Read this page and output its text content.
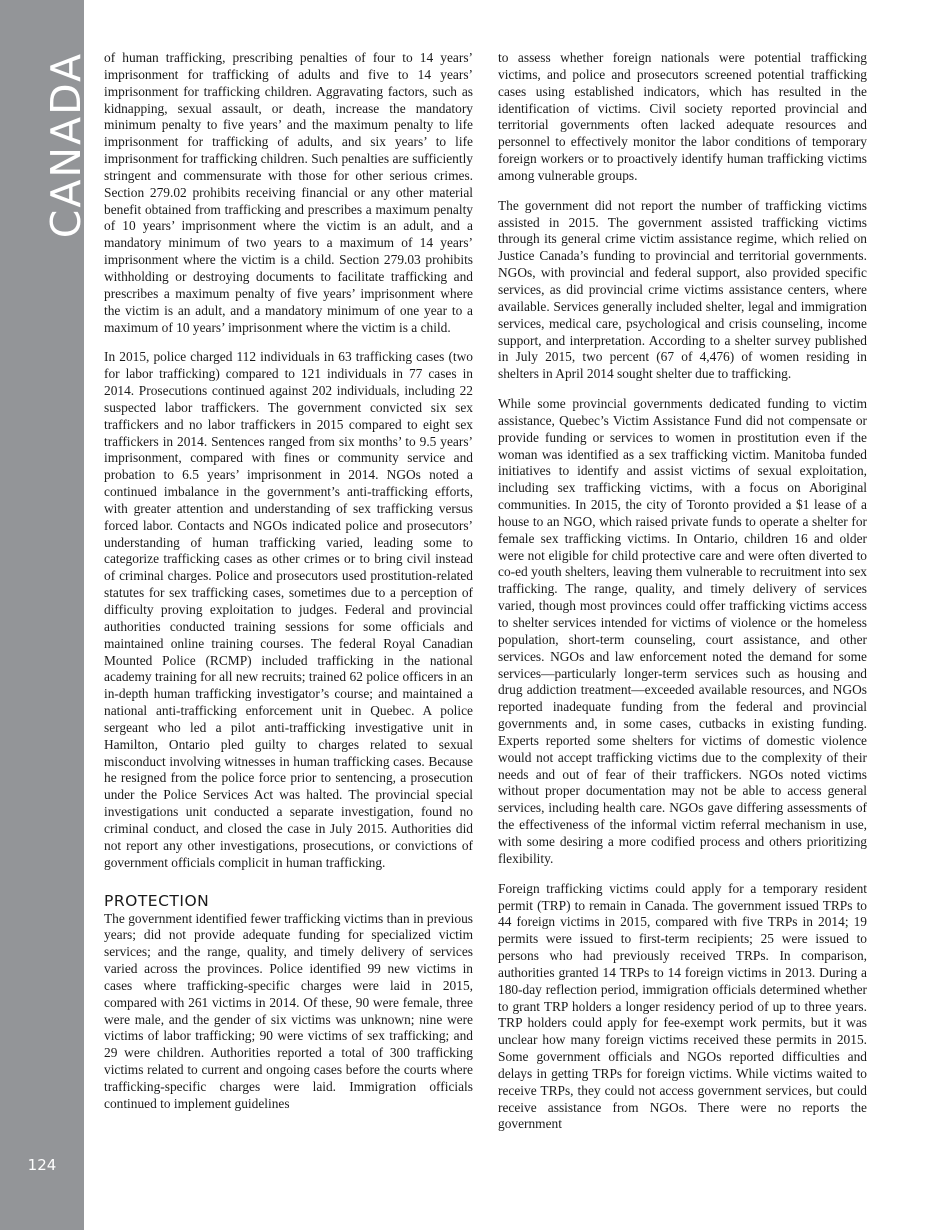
CANADA
124

of human trafficking, prescribing penalties of four to 14 years’ imprisonment for trafficking of adults and five to 14 years’ imprisonment for trafficking children. Aggravating factors, such as kidnapping, sexual assault, or death, increase the mandatory minimum penalty to five years’ and the maximum penalty to life imprisonment for trafficking of adults, and six years’ to life imprisonment for trafficking children. Such penalties are sufficiently stringent and commensurate with those for other serious crimes. Section 279.02 prohibits receiving financial or any other material benefit obtained from trafficking and prescribes a maximum penalty of 10 years’ imprisonment where the victim is an adult, and a mandatory minimum of two years to a maximum of 14 years’ imprisonment where the victim is a child. Section 279.03 prohibits withholding or destroying documents to facilitate trafficking and prescribes a maximum penalty of five years’ imprisonment where the victim is an adult, and a mandatory minimum of one year to a maximum of 10 years’ imprisonment where the victim is a child.

In 2015, police charged 112 individuals in 63 trafficking cases (two for labor trafficking) compared to 121 individuals in 77 cases in 2014. Prosecutions continued against 202 individuals, including 22 suspected labor traffickers. The government convicted six sex traffickers and no labor traffickers in 2015 compared to eight sex traffickers in 2014. Sentences ranged from six months’ to 9.5 years’ imprisonment, compared with fines or community service and probation to 6.5 years’ imprisonment in 2014. NGOs noted a continued imbalance in the government’s anti-trafficking efforts, with greater attention and understanding of sex trafficking versus forced labor. Contacts and NGOs indicated police and prosecutors’ understanding of human trafficking varied, leading some to categorize trafficking cases as other crimes or to bring civil instead of criminal charges. Police and prosecutors used prostitution-related statutes for sex trafficking cases, sometimes due to a perception of difficulty proving exploitation to judges. Federal and provincial authorities conducted training sessions for some officials and maintained online training courses. The federal Royal Canadian Mounted Police (RCMP) included trafficking in the national academy training for all new recruits; trained 62 police officers in an in-depth human trafficking investigator’s course; and maintained a national anti-trafficking enforcement unit in Quebec. A police sergeant who led a pilot anti-trafficking investigative unit in Hamilton, Ontario pled guilty to charges related to sexual misconduct involving witnesses in human trafficking cases. Because he resigned from the police force prior to sentencing, a prosecution under the Police Services Act was halted. The provincial special investigations unit conducted a separate investigation, found no criminal conduct, and closed the case in July 2015. Authorities did not report any other investigations, prosecutions, or convictions of government officials complicit in human trafficking.

PROTECTION

The government identified fewer trafficking victims than in previous years; did not provide adequate funding for specialized victim services; and the range, quality, and timely delivery of services varied across the provinces. Police identified 99 new victims in cases where trafficking-specific charges were laid in 2015, compared with 261 victims in 2014. Of these, 90 were female, three were male, and the gender of six victims was unknown; nine were victims of labor trafficking; 90 were victims of sex trafficking; and 29 were children. Authorities reported a total of 300 trafficking victims related to current and ongoing cases before the courts where trafficking-specific charges were laid. Immigration officials continued to implement guidelines

to assess whether foreign nationals were potential trafficking victims, and police and prosecutors screened potential trafficking cases using established indicators, which has resulted in the identification of victims. Civil society reported provincial and territorial governments often lacked adequate resources and personnel to effectively monitor the labor conditions of temporary foreign workers or to proactively identify human trafficking victims among vulnerable groups.

The government did not report the number of trafficking victims assisted in 2015. The government assisted trafficking victims through its general crime victim assistance regime, which relied on Justice Canada’s funding to provincial and territorial governments. NGOs, with provincial and federal support, also provided specific services, as did provincial crime victims assistance centers, where available. Services generally included shelter, legal and immigration services, medical care, psychological and crisis counseling, income support, and interpretation. According to a shelter survey published in July 2015, two percent (67 of 4,476) of women residing in shelters in April 2014 sought shelter due to trafficking.

While some provincial governments dedicated funding to victim assistance, Quebec’s Victim Assistance Fund did not compensate or provide funding or services to women in prostitution even if the woman was identified as a sex trafficking victim. Manitoba funded initiatives to identify and assist victims of sexual exploitation, including sex trafficking victims, with a focus on Aboriginal communities. In 2015, the city of Toronto provided a $1 lease of a house to an NGO, which raised private funds to operate a shelter for female sex trafficking victims. In Ontario, children 16 and older were not eligible for child protective care and were often diverted to co-ed youth shelters, leaving them vulnerable to recruitment into sex trafficking. The range, quality, and timely delivery of services varied, though most provinces could offer trafficking victims access to shelter services intended for victims of violence or the homeless population, short-term counseling, court assistance, and other services. NGOs and law enforcement noted the demand for some services—particularly longer-term services such as housing and drug addiction treatment—exceeded available resources, and NGOs reported inadequate funding from the federal and provincial governments and, in some cases, cutbacks in existing funding. Experts reported some shelters for victims of domestic violence would not accept trafficking victims due to the complexity of their needs and out of fear of their traffickers. NGOs noted victims without proper documentation may not be able to access general services, including health care. NGOs gave differing assessments of the effectiveness of the informal victim referral mechanism in use, with some desiring a more codified process and others prioritizing flexibility.

Foreign trafficking victims could apply for a temporary resident permit (TRP) to remain in Canada. The government issued TRPs to 44 foreign victims in 2015, compared with five TRPs in 2014; 19 permits were issued to first-term recipients; 25 were issued to persons who had previously received TRPs. In comparison, authorities granted 14 TRPs to 14 foreign victims in 2013. During a 180-day reflection period, immigration officials determined whether to grant TRP holders a longer residency period of up to three years. TRP holders could apply for fee-exempt work permits, but it was unclear how many foreign victims received these permits in 2015. Some government officials and NGOs reported difficulties and delays in getting TRPs for foreign victims. While victims waited to receive TRPs, they could not access government services, but could receive assistance from NGOs. There were no reports the government
